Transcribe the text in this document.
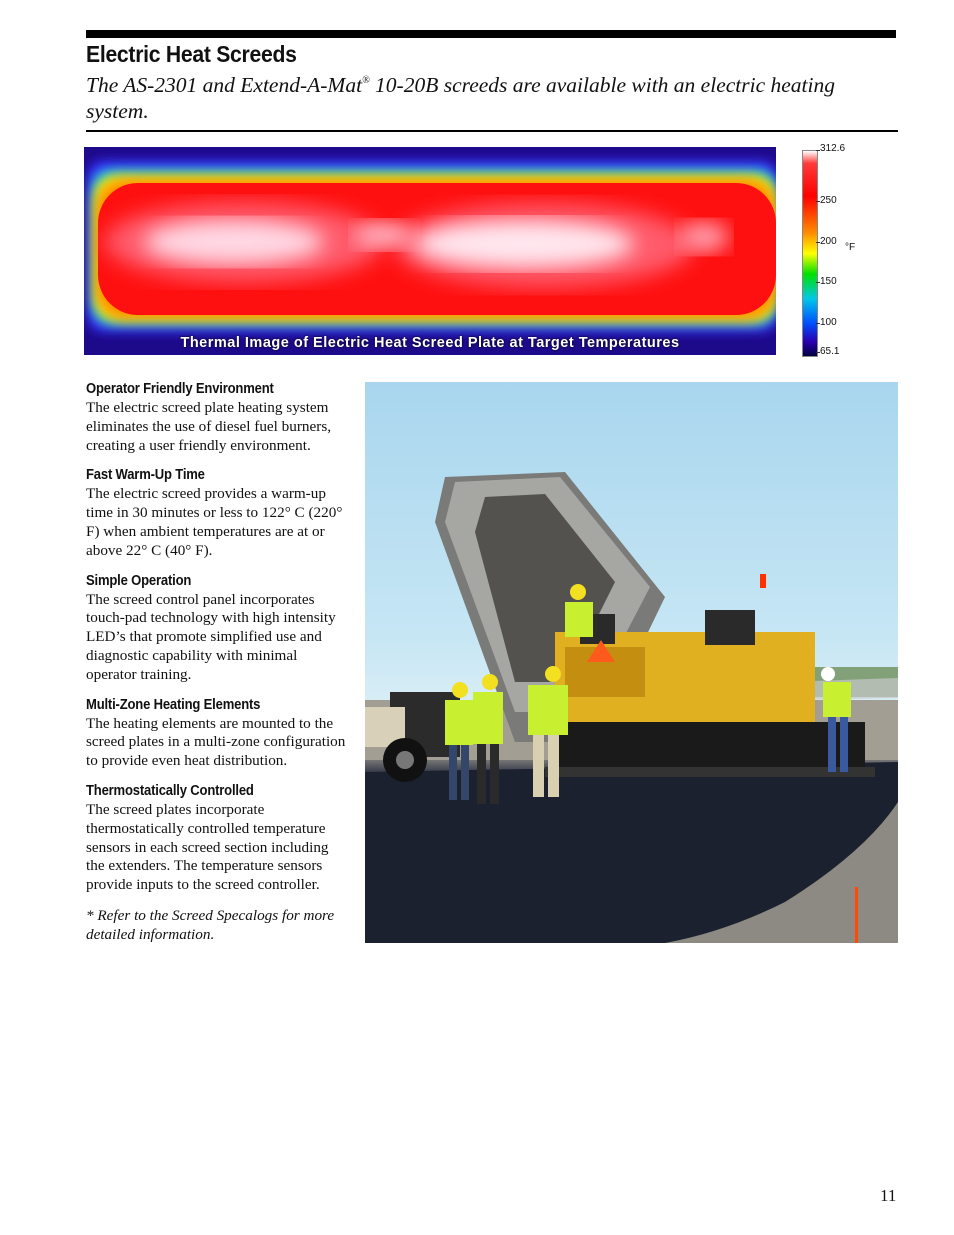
Electric Heat Screeds

The AS-2301 and Extend-A-Mat® 10-20B screeds are available with an electric heating system.

Thermal Image of Electric Heat Screed Plate at Target Temperatures
312.6
250
200
150
100
65.1
°F
Operator Friendly Environment

The electric screed plate heating system eliminates the use of diesel fuel burners, creating a user friendly environment.

Fast Warm-Up Time

The electric screed provides a warm-up time in 30 minutes or less to 122° C (220° F) when ambient temperatures are at or above 22° C (40° F).

Simple Operation

The screed control panel incorporates touch-pad technology with high intensity LED’s that promote simplified use and diagnostic capability with minimal operator training.

Multi-Zone Heating Elements

The heating elements are mounted to the screed plates in a multi-zone configuration to provide even heat distribution.

Thermostatically Controlled

The screed plates incorporate thermostatically controlled temperature sensors in each screed section including the extenders. The temperature sensors provide inputs to the screed controller.

* Refer to the Screed Specalogs for more detailed information.
11
